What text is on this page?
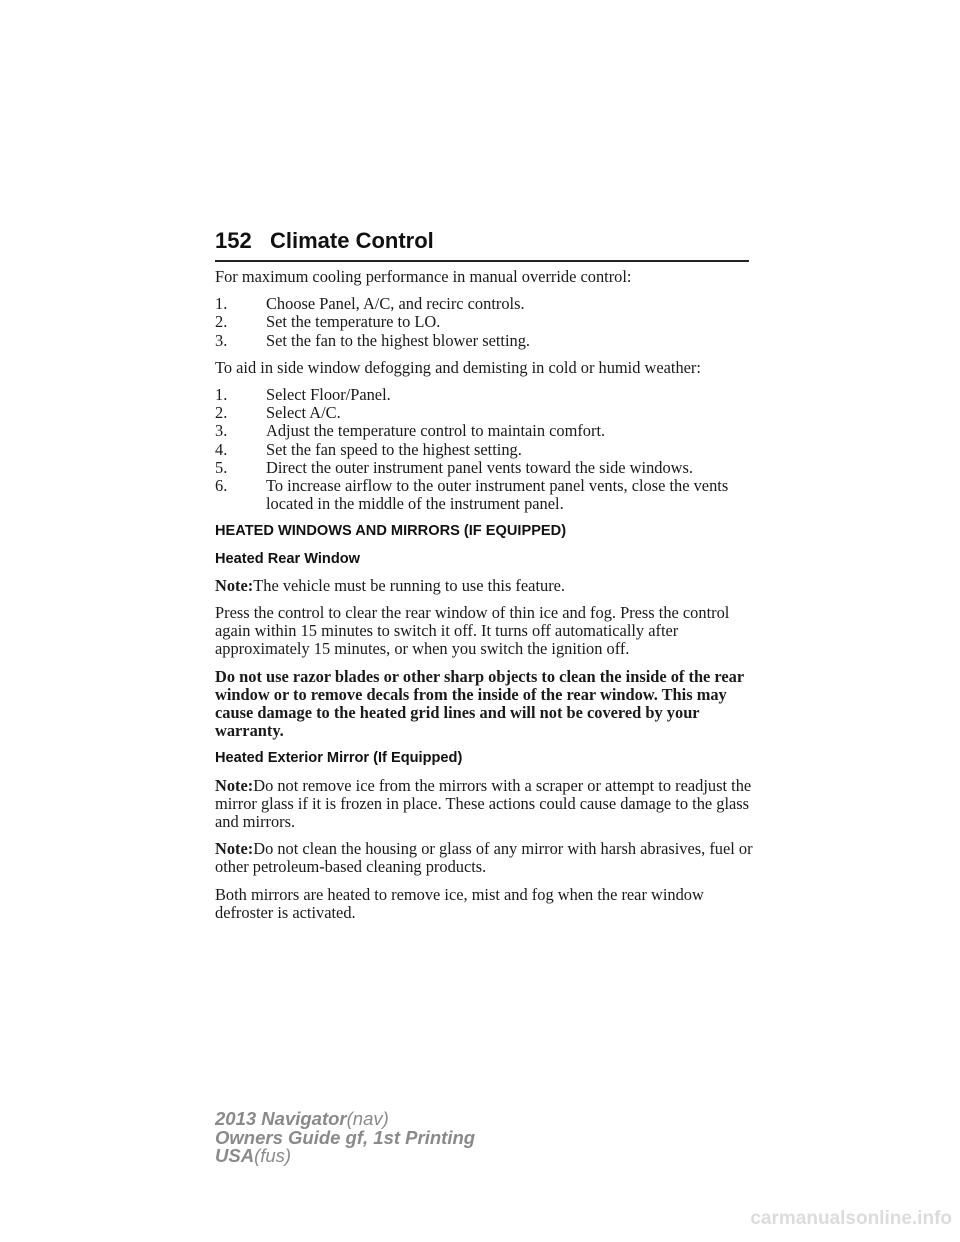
152 Climate Control

For maximum cooling performance in manual override control:

1. Choose Panel, A/C, and recirc controls.
2. Set the temperature to LO.
3. Set the fan to the highest blower setting.

To aid in side window defogging and demisting in cold or humid weather:

1. Select Floor/Panel.
2. Select A/C.
3. Adjust the temperature control to maintain comfort.
4. Set the fan speed to the highest setting.
5. Direct the outer instrument panel vents toward the side windows.
6. To increase airflow to the outer instrument panel vents, close the vents located in the middle of the instrument panel.
HEATED WINDOWS AND MIRRORS (IF EQUIPPED)
Heated Rear Window

Note:The vehicle must be running to use this feature.

Press the control to clear the rear window of thin ice and fog. Press the control again within 15 minutes to switch it off. It turns off automatically after approximately 15 minutes, or when you switch the ignition off.

Do not use razor blades or other sharp objects to clean the inside of the rear window or to remove decals from the inside of the rear window. This may cause damage to the heated grid lines and will not be covered by your warranty.

Heated Exterior Mirror (If Equipped)

Note:Do not remove ice from the mirrors with a scraper or attempt to readjust the mirror glass if it is frozen in place. These actions could cause damage to the glass and mirrors.

Note:Do not clean the housing or glass of any mirror with harsh abrasives, fuel or other petroleum-based cleaning products.

Both mirrors are heated to remove ice, mist and fog when the rear window defroster is activated.

2013 Navigator(nav)
Owners Guide gf, 1st Printing
USA(fus)
carmanualsonline.info
